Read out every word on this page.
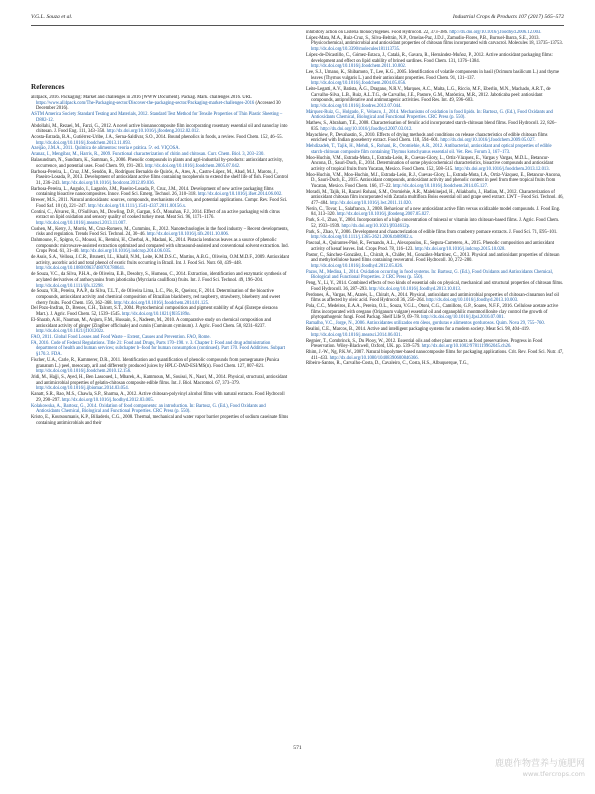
V.G.L. Souza et al.	Industrial Crops & Products 107 (2017) 565–572
References

all4pack, 2016. Packaging: Market and challenges in 2016 [WWW Document]. Packag. Mark. challenges 2016. URL https://www.all4pack.com/The-Packaging-sector/Discover-the-packaging-sector/Packaging-market-challenges-2016 (Accessed 30 December 2016).

ASTM America Society Standard Testing and Materials, 2012. Standard Test Method for Tensile Properties of Thin Plastic Sheeting – D882-12.

Abdollahi, M., Rezaei, M., Farzi, G., 2012. A novel active bionanocomposite film incorporating rosemary essential oil and nanoclay into chitosan. J. Food Eng. 111, 343–350. http://dx.doi.org/10.1016/j.jfoodeng.2012.02.012.

Acosta-Estrada, B.A., Gutiérrez-Uribe, J.A., Serna-Saldívar, S.O., 2014. Bound phenolics in foods, a review. Food Chem. 152, 46–55. http://dx.doi.org/10.1016/j.foodchem.2013.11.093.

Azeijão, J.M.A., 2011. Química de alimentos: teoria e prática. 5ª. ed. VIÇOSA.

Aranaz, I., Mengíbar, M., Harris, R., 2009. Functional characterization of chitin and chitosan. Curr. Chem. Biol. 3, 203–230.

Balasundram, N., Sundram, K., Samman, S., 2006. Phenolic compounds in plants and agri-industrial by-products: antioxidant activity, occurrence, and potential uses. Food Chem. 99, 191–203. http://dx.doi.org/10.1016/j.foodchem.2005.07.042.

Barbosa-Pereira, L., Cruz, J.M., Sendón, R., Rodríguez Bernaldo de Quirós, A., Ares, A., Castro-López, M., Abad, M.J., Maroto, J., Paseiro-Losada, P., 2013. Development of antioxidant active films containing tocopherols to extend the shelf life of fish. Food Control 31, 236–243. http://dx.doi.org/10.1016/j.foodcont.2012.09.036.

Barbosa-Pereira, L., Angulo, I., Lagarón, J.M., Paseiro-Losada, P., Cruz, J.M., 2014. Development of new active packaging films containing bioactive nanocomposites. Innov. Food Sci. Emerg. Technol. 26, 310–318. http://dx.doi.org/10.1016/j.ifset.2014.06.002.

Brewer, M.S., 2011. Natural antioxidants: sources, compounds, mechanisms of action, and potential applications. Compr. Rev. Food Sci. Food Saf. 10 (4), 221–247. http://dx.doi.org/10.1111/j.1541-4337.2011.00156.x.

Contini, C., Álvarez, R., O'Sullivan, M., Dowling, D.P., Gargan, S.Ó., Monahan, F.J., 2014. Effect of an active packaging with citrus extract on lipid oxidation and sensory quality of cooked turkey meat. Meat Sci. 96, 1171–1176. http://dx.doi.org/10.1016/j.meatsci.2013.11.007.

Cushen, M., Kerry, J., Morris, M., Cruz-Romero, M., Cummins, E., 2012. Nanotechnologies in the food industry – Recent developments, risks and regulation. Trends Food Sci. Technol. 24, 30–46. http://dx.doi.org/10.1016/j.tifs.2011.10.006.

Dahmoune, F., Spigno, G., Moussi, K., Remini, H., Cherbal, A., Madani, K., 2014. Pistacia lentiscus leaves as a source of phenolic compounds: microwave-assisted extraction optimized and compared with ultrasound-assisted and conventional solvent extraction. Ind. Crops Prod. 61, 31–40. http://dx.doi.org/10.1016/j.indcrop.2014.06.035.

de Assis, S.A., Vellosa, J.C.R., Brunetti, I.L., Khalil, N.M., Leite, K.M.D.S.C., Martins, A.B.G., Oliveira, O.M.M.D.F., 2009. Antioxidant activity, ascorbic acid and total phenol of exotic fruits occurring in Brazil. Int. J. Food Sci. Nutr. 60, 439–448. http://dx.doi.org/10.1080/09637480701780641.

de Souza, V.C., da Silva, P.H.A., de Oliveira, E.B., Desobry, S., Humeau, C., 2014. Extraction, identification and enzymatic synthesis of acylated derivatives of anthocyanins from jaboticaba (Myrciaria cauliflora) fruits. Int. J. Food Sci. Technol. 49, 196–204. http://dx.doi.org/10.1111/ijfs.12298.

de Souza, V.R., Pereira, P.A.P., da Silva, T.L.T., de Oliveira Lima, L.C., Pio, R., Queiroz, F., 2014. Determination of the bioactive compounds, antioxidant activity and chemical composition of Brazilian blackberry, red raspberry, strawberry, blueberry and sweet cherry fruits. Food Chem. 156, 362–368. http://dx.doi.org/10.1016/j.foodchem.2014.01.125.

Del Pozo-Insfran, D., Brenes, C.H., Talcott, S.T., 2004. Phytochemical composition and pigment stability of Açaí (Euterpe oleracea Mart.). J. Agric. Food Chem. 52, 1539–1545. http://dx.doi.org/10.1021/jf035189n.

El-Sharab, A.H., Nauman, M., Anjum, F.M., Hussain, S., Nadeem, M., 2010. A comparative study on chemical composition and antioxidant activity of ginger (Zingiber officinale) and cumin (Cuminum cyminum). J. Agric. Food Chem. 58, 8231–8237. http://dx.doi.org/10.1021/jf101202z.

FAO, 2011. Global Food Losses and Food Waste – Extent, Causes and Prevention. FAO, Rome.

FA, 2016. Code of Federal Regulations. Title 21: Food and Drugs, Parts 170–190. v. 3. Chapter I: Food and drug administration department of health and human services; subchapter b–food for human consumption (continued). Part 170. Food Additives. Subpart §170.3. FDA.

Fischer, U.A., Carle, R., Kammerer, D.R., 2011. Identification and quantification of phenolic compounds from pomegranate (Punica granatum L.) peel, mesocarp, aril and differently produced juices by HPLC-DAD-ESI/MS(n). Food Chem. 127, 807–821. http://dx.doi.org/10.1016/j.foodchem.2010.12.156.

Jridi, M., Hajji, S., Ayed, H., Ben Lassoued, I., Mbarek, A., Kammoun, M., Souissi, N., Nasri, M., 2014. Physical, structural, antioxidant and antimicrobial properties of gelatin-chitosan composite edible films. Int. J. Biol. Macromol. 67, 373–379. http://dx.doi.org/10.1016/j.ijbiomac.2014.03.054.

Kanatt, S.R., Rao, M.S., Chawla, S.P., Sharma, A., 2012. Active chitosan-polyvinyl alcohol films with natural extracts. Food Hydrocoll 29, 290–297. http://dx.doi.org/10.1016/j.foodhyd.2012.03.005.

Kolakowska, A., Bartosz, G., 2014. Oxidation of food components: an introduction. In: Bartosz, G. (Ed.), Food Oxidants and Antioxidants Chemical, Biological and Functional Properties. CRC Press (p. 550).

Kristo, E., Koutsoumanis, K.P., Biliaderis, C.G., 2008. Thermal, mechanical and water vapor barrier properties of sodium caseinate films containing antimicrobials and their

inhibitory action on Listeria monocytogenes. Food Hydrocoll. 22, 373–386. http://dx.doi.org/10.1016/j.foodhyd.2006.12.003.

López-Mata, M.A., Ruiz-Cruz, S., Silva-Beltrán, N.P., Ornelas-Paz, J.D.J., Zamudio-Flores, P.B., Burruel-Ibarra, S.E., 2013. Physicochemical, antimicrobial and antioxidant properties of chitosan films incorporated with carvacrol. Molecules 18, 13735–13753. http://dx.doi.org/10.3390/molecules181113735.

López-de-Dicastillo, C., Gómez-Estaca, J., Catalá, R., Gavara, R., Hernández-Muñoz, P., 2012. Active antioxidant packaging films: development and effect on lipid stability of brined sardines. Food Chem. 131, 1376–1384. http://dx.doi.org/10.1016/j.foodchem.2011.10.002.

Lee, S.J., Umano, K., Shibamoto, T., Lee, K.G., 2005. Identification of volatile components in basil (Ocimum basilicum L.) and thyme leaves (Thymus vulgaris L.) and their antioxidant properties. Food Chem. 91, 131–137. http://dx.doi.org/10.1016/j.foodchem.2004.05.056.

Leite-Legatti, A.V., Batista, Â.G., Dragano, N.R.V., Marques, A.C., Malta, L.G., Riccio, M.F., Eberlin, M.N., Machado, A.R.T., de Carvalho-Silva, L.B., Ruiz, A.L.T.G., de Carvalho, J.E., Pastore, G.M., Maróstica, M.R., 2012. Jaboticaba peel: antioxidant compounds, antiproliferative and antimutagenic activities. Food Res. Int. 49, 596–603. http://dx.doi.org/10.1016/j.foodres.2012.07.044.

Márquez-Ruiz, G., Holgado, F., Velasco, J., 2014. Mechanisms of oxidation in food lipids. In: Bartosz, G. (Ed.), Food Oxidants and Antioxidants Chemical, Biological and Functional Properties. CRC Press (p. 550).

Mathew, S., Abraham, T.E., 2008. Characterisation of ferulic acid incorporated starch-chitosan blend films. Food Hydrocoll. 22, 826–835. http://dx.doi.org/10.1016/j.foodhyd.2007.03.012.

Mayachiew, P., Devahastin, S., 2010. Effects of drying methods and conditions on release characteristics of edible chitosan films enriched with Indian gooseberry extract. Food Chem. 118, 594–601. http://dx.doi.org/10.1016/j.foodchem.2009.05.027.

Mehdizadeh, T., Tajik, H., Mehdi, S., Rohani, R., Oromiehie, A.R., 2012. Antibacterial, antioxidant and optical properties of edible starch-chitosan composite film containing Thymus kotschyanus essential oil. Vet. Res. Forum 3, 167–173.

Moo-Huchin, V.M., Estrada-Mota, I., Estrada-León, R., Cuevas-Glory, L., Ortiz-Vázquez, E., Vargas y Vargas, M.D.L., Betancur-Ancona, D., Sauri-Duch, E., 2014. Determination of some physicochemical characteristics, bioactive compounds and antioxidant activity of tropical fruits from Yucatan, Mexico. Food Chem. 152, 508–515. http://dx.doi.org/10.1016/j.foodchem.2013.12.013.

Moo-Huchin, V.M., Moo-Huchin, M.I., Estrada-León, R.J., Cuevas-Glory, L., Estrada-Mota, I.A., Ortiz-Vázquez, E., Betancur-Ancona, D., Sauri-Duch, E., 2015. Antioxidant compounds, antioxidant activity and phenolic content in peel from three tropical fruits from Yucatan, Mexico. Food Chem. 166, 17–22. http://dx.doi.org/10.1016/j.foodchem.2014.05.127.

Moradi, M., Tajik, H., Razavi Rohani, S.M., Oromiehie, A.R., Malekinejad, H., Aliakbarlu, J., Hadian, M., 2012. Characterization of antioxidant chitosan film incorporated with Zataria multiflora Boiss essential oil and grape seed extract. LWT – Food Sci. Technol. 46, 477–484. http://dx.doi.org/10.1016/j.lwt.2011.11.020.

Nerín, C., Tovar, L., Salafranca, J., 2008. Behaviour of a new antioxidant active film versus oxidizable model compounds. J. Food Eng. 84, 313–320. http://dx.doi.org/10.1016/j.jfoodeng.2007.05.027.

Park, S.-I., Zhao, Y., 2004. Incorporation of a high concentration of mineral or vitamin into chitosan-based films. J. Agric. Food Chem. 52, 1933–1939. http://dx.doi.org/10.1021/jf034612p.

Park, S., Zhao, Y., 2006. Development and characterization of edible films from cranberry pomace extracts. J. Food Sci. 71, E95–101. http://dx.doi.org/10.1111/j.1365-2621.2006.tb08902.x.

Pascoal, A., Quirantes-Piné, R., Fernando, A.L., Alexopoulou, E., Segura-Carretero, A., 2015. Phenolic composition and antioxidant activity of kenaf leaves. Ind. Crops Prod. 78, 116–123. http://dx.doi.org/10.1016/j.indcrop.2015.10.028.

Pastor, C., Sánchez-González, L., Chiralt, A., Cháfer, M., González-Martínez, C., 2013. Physical and antioxidant properties of chitosan and methylcellulose based films containing resveratrol. Food Hydrocoll. 30, 272–280. http://dx.doi.org/10.1016/j.foodhyd.2012.05.026.

Pazos, M., Medina, I., 2014. Oxidation occurring in food systems. In: Bartosz, G. (Ed.), Food Oxidants and Antioxidants Chemical, Biological and Functional Properties. 2 CRC Press (p. 550).

Peng, Y., Li, Y., 2014. Combined effects of two kinds of essential oils on physical, mechanical and structural properties of chitosan films. Food Hydrocoll. 36, 287–293. http://dx.doi.org/10.1016/j.foodhyd.2013.10.013.

Perdones, Á., Vargas, M., Atarés, L., Chiralt, A., 2014. Physical, antioxidant and antimicrobial properties of chitosan-cinnamon leaf oil films as affected by oleic acid. Food Hydrocoll 36, 256–264. http://dx.doi.org/10.1016/j.foodhyd.2013.10.003.

Pola, C.C., Medeiros, E.A.A., Pereira, O.L., Souza, V.G.L., Otoni, C.G., Camilloto, G.P., Soares, N.F.F., 2016. Cellulose acetate active films incorporated with oregano (Origanum vulgare) essential oil and organophilic montmorillonite clay control the growth of phytopathogenic fungi. Food Packag. Shelf Life 9, 69–78. http://dx.doi.org/10.1016/j.fpsl.2016.07.001.

Ramalho, V.C., Jorge, N., 2006. Antioxidantes utilizados em óleos, gorduras e alimentos gordurosos. Quim. Nova 29, 755–760.

Realini, C.E., Marcos, B., 2014. Active and intelligent packaging systems for a modern society. Meat Sci. 98, 404–419. http://dx.doi.org/10.1016/j.meatsci.2014.06.031.

Regnier, T., Combrinck, S., Du Plooy, W., 2012. Essential oils and other plant extracts as food preservatives. Progress in Food Preservation. Wiley-Blackwell, Oxford, UK. pp. 539–579. http://dx.doi.org/10.1002/9781119962045.ch26.

Rhim, J.-W., Ng, P.K.W., 2007. Natural biopolymer-based nanocomposite films for packaging applications. Crit. Rev. Food Sci. Nutr. 47, 411–433. http://dx.doi.org/10.1080/10408390600846366.

Ribeiro-Santos, R., Carvalho-Costa, D., Cavaleiro, C., Costa, H.S., Albuquerque, T.G.,

571
鹿鹿作物营养与施肥网
www.tfercrops.com
